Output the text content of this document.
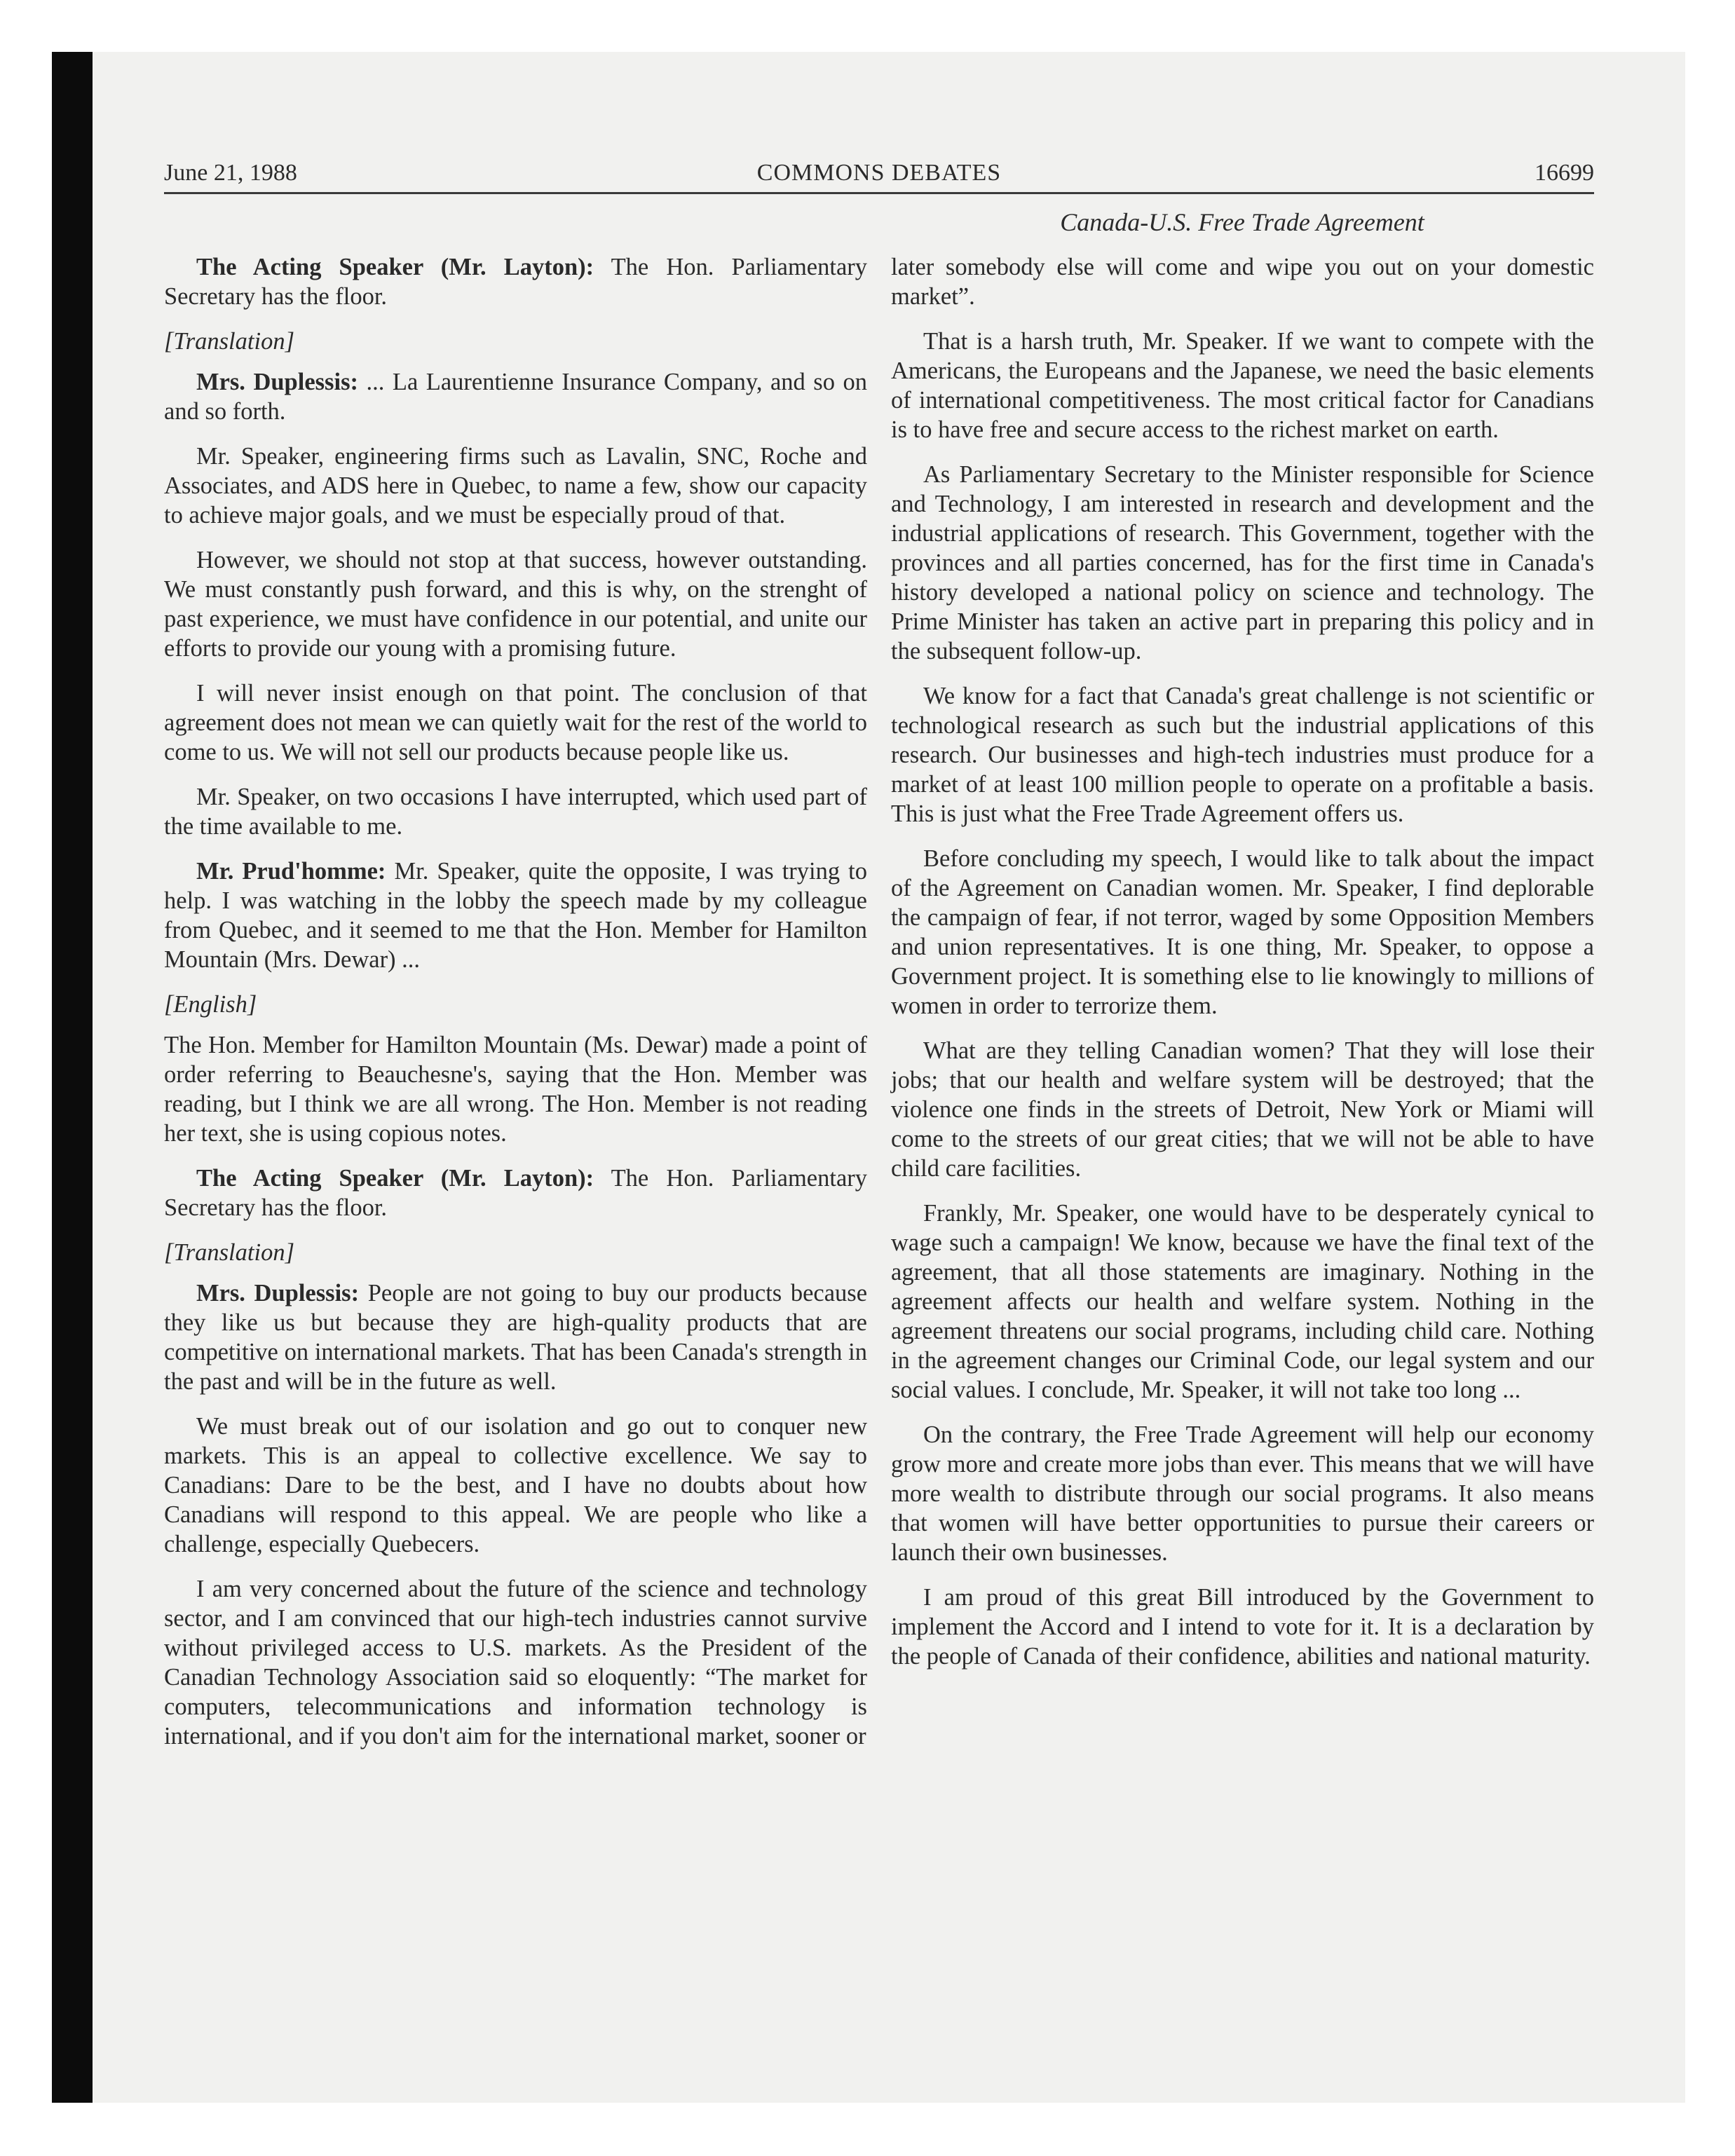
June 21, 1988	COMMONS DEBATES	16699
Canada-U.S. Free Trade Agreement

The Acting Speaker (Mr. Layton): The Hon. Parliamentary Secretary has the floor.

[Translation]

Mrs. Duplessis: ... La Laurentienne Insurance Company, and so on and so forth.

Mr. Speaker, engineering firms such as Lavalin, SNC, Roche and Associates, and ADS here in Quebec, to name a few, show our capacity to achieve major goals, and we must be especially proud of that.

However, we should not stop at that success, however outstanding. We must constantly push forward, and this is why, on the strenght of past experience, we must have confidence in our potential, and unite our efforts to provide our young with a promising future.

I will never insist enough on that point. The conclusion of that agreement does not mean we can quietly wait for the rest of the world to come to us. We will not sell our products because people like us.

Mr. Speaker, on two occasions I have interrupted, which used part of the time available to me.

Mr. Prud'homme: Mr. Speaker, quite the opposite, I was trying to help. I was watching in the lobby the speech made by my colleague from Quebec, and it seemed to me that the Hon. Member for Hamilton Mountain (Mrs. Dewar) ...

[English]

The Hon. Member for Hamilton Mountain (Ms. Dewar) made a point of order referring to Beauchesne's, saying that the Hon. Member was reading, but I think we are all wrong. The Hon. Member is not reading her text, she is using copious notes.

The Acting Speaker (Mr. Layton): The Hon. Parliamentary Secretary has the floor.

[Translation]

Mrs. Duplessis: People are not going to buy our products because they like us but because they are high-quality products that are competitive on international markets. That has been Canada's strength in the past and will be in the future as well.

We must break out of our isolation and go out to conquer new markets. This is an appeal to collective excellence. We say to Canadians: Dare to be the best, and I have no doubts about how Canadians will respond to this appeal. We are people who like a challenge, especially Quebecers.

I am very concerned about the future of the science and technology sector, and I am convinced that our high-tech industries cannot survive without privileged access to U.S. markets. As the President of the Canadian Technology Association said so eloquently: “The market for computers, telecommunications and information technology is international, and if you don't aim for the international market, sooner or

later somebody else will come and wipe you out on your domestic market”.

That is a harsh truth, Mr. Speaker. If we want to compete with the Americans, the Europeans and the Japanese, we need the basic elements of international competitiveness. The most critical factor for Canadians is to have free and secure access to the richest market on earth.

As Parliamentary Secretary to the Minister responsible for Science and Technology, I am interested in research and development and the industrial applications of research. This Government, together with the provinces and all parties concerned, has for the first time in Canada's history developed a national policy on science and technology. The Prime Minister has taken an active part in preparing this policy and in the subsequent follow-up.

We know for a fact that Canada's great challenge is not scientific or technological research as such but the industrial applications of this research. Our businesses and high-tech industries must produce for a market of at least 100 million people to operate on a profitable a basis. This is just what the Free Trade Agreement offers us.

Before concluding my speech, I would like to talk about the impact of the Agreement on Canadian women. Mr. Speaker, I find deplorable the campaign of fear, if not terror, waged by some Opposition Members and union representatives. It is one thing, Mr. Speaker, to oppose a Government project. It is something else to lie knowingly to millions of women in order to terrorize them.

What are they telling Canadian women? That they will lose their jobs; that our health and welfare system will be destroyed; that the violence one finds in the streets of Detroit, New York or Miami will come to the streets of our great cities; that we will not be able to have child care facilities.

Frankly, Mr. Speaker, one would have to be desperately cynical to wage such a campaign! We know, because we have the final text of the agreement, that all those statements are imaginary. Nothing in the agreement affects our health and welfare system. Nothing in the agreement threatens our social programs, including child care. Nothing in the agreement changes our Criminal Code, our legal system and our social values. I conclude, Mr. Speaker, it will not take too long ...

On the contrary, the Free Trade Agreement will help our economy grow more and create more jobs than ever. This means that we will have more wealth to distribute through our social programs. It also means that women will have better opportunities to pursue their careers or launch their own businesses.

I am proud of this great Bill introduced by the Government to implement the Accord and I intend to vote for it. It is a declaration by the people of Canada of their confidence, abilities and national maturity.
